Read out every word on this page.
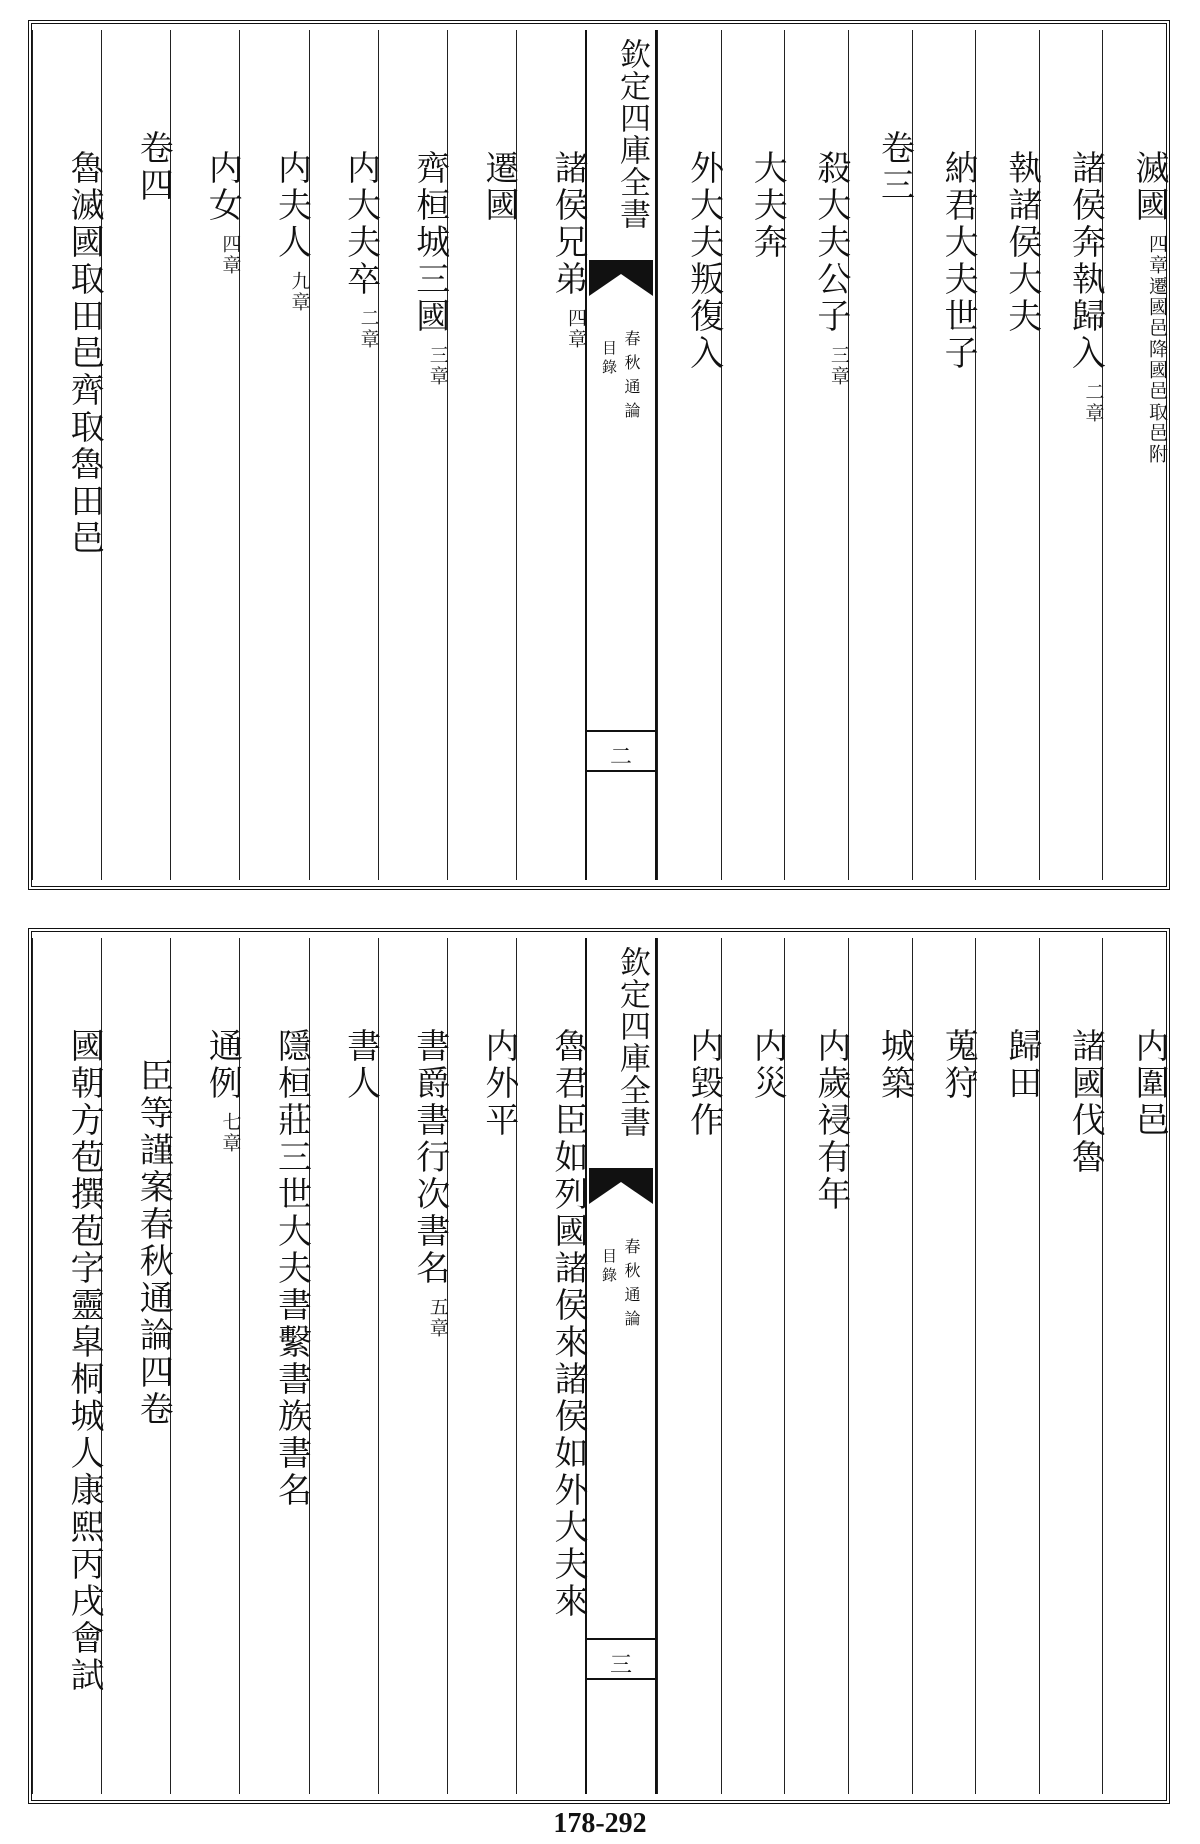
滅國
四章遷國邑降國邑取邑附
諸侯奔執歸入
二章
執諸侯大夫
納君大夫世子
卷三
殺大夫公子
三章
大夫奔
外大夫叛復入
諸侯兄弟
四章
遷國
齊桓城三國
三章
内大夫卒
二章
内夫人
九章
内女
四章
卷四
魯滅國取田邑齊取魯田邑
欽定四庫全書
春秋通論
目錄
二
内圍邑
諸國伐魯
歸田
蒐狩
城築
内歲祲有年
内災
内毀作
魯君臣如列國諸侯來諸侯如外大夫來
内外平
書爵書行次書名
五章
書人
隱桓莊三世大夫書繫書族書名
通例
七章
臣等謹案春秋通論四卷
國朝方苞撰苞字靈皐桐城人康熙丙戌會試	欽定四庫全書
春秋通論
目錄
三
178-292
